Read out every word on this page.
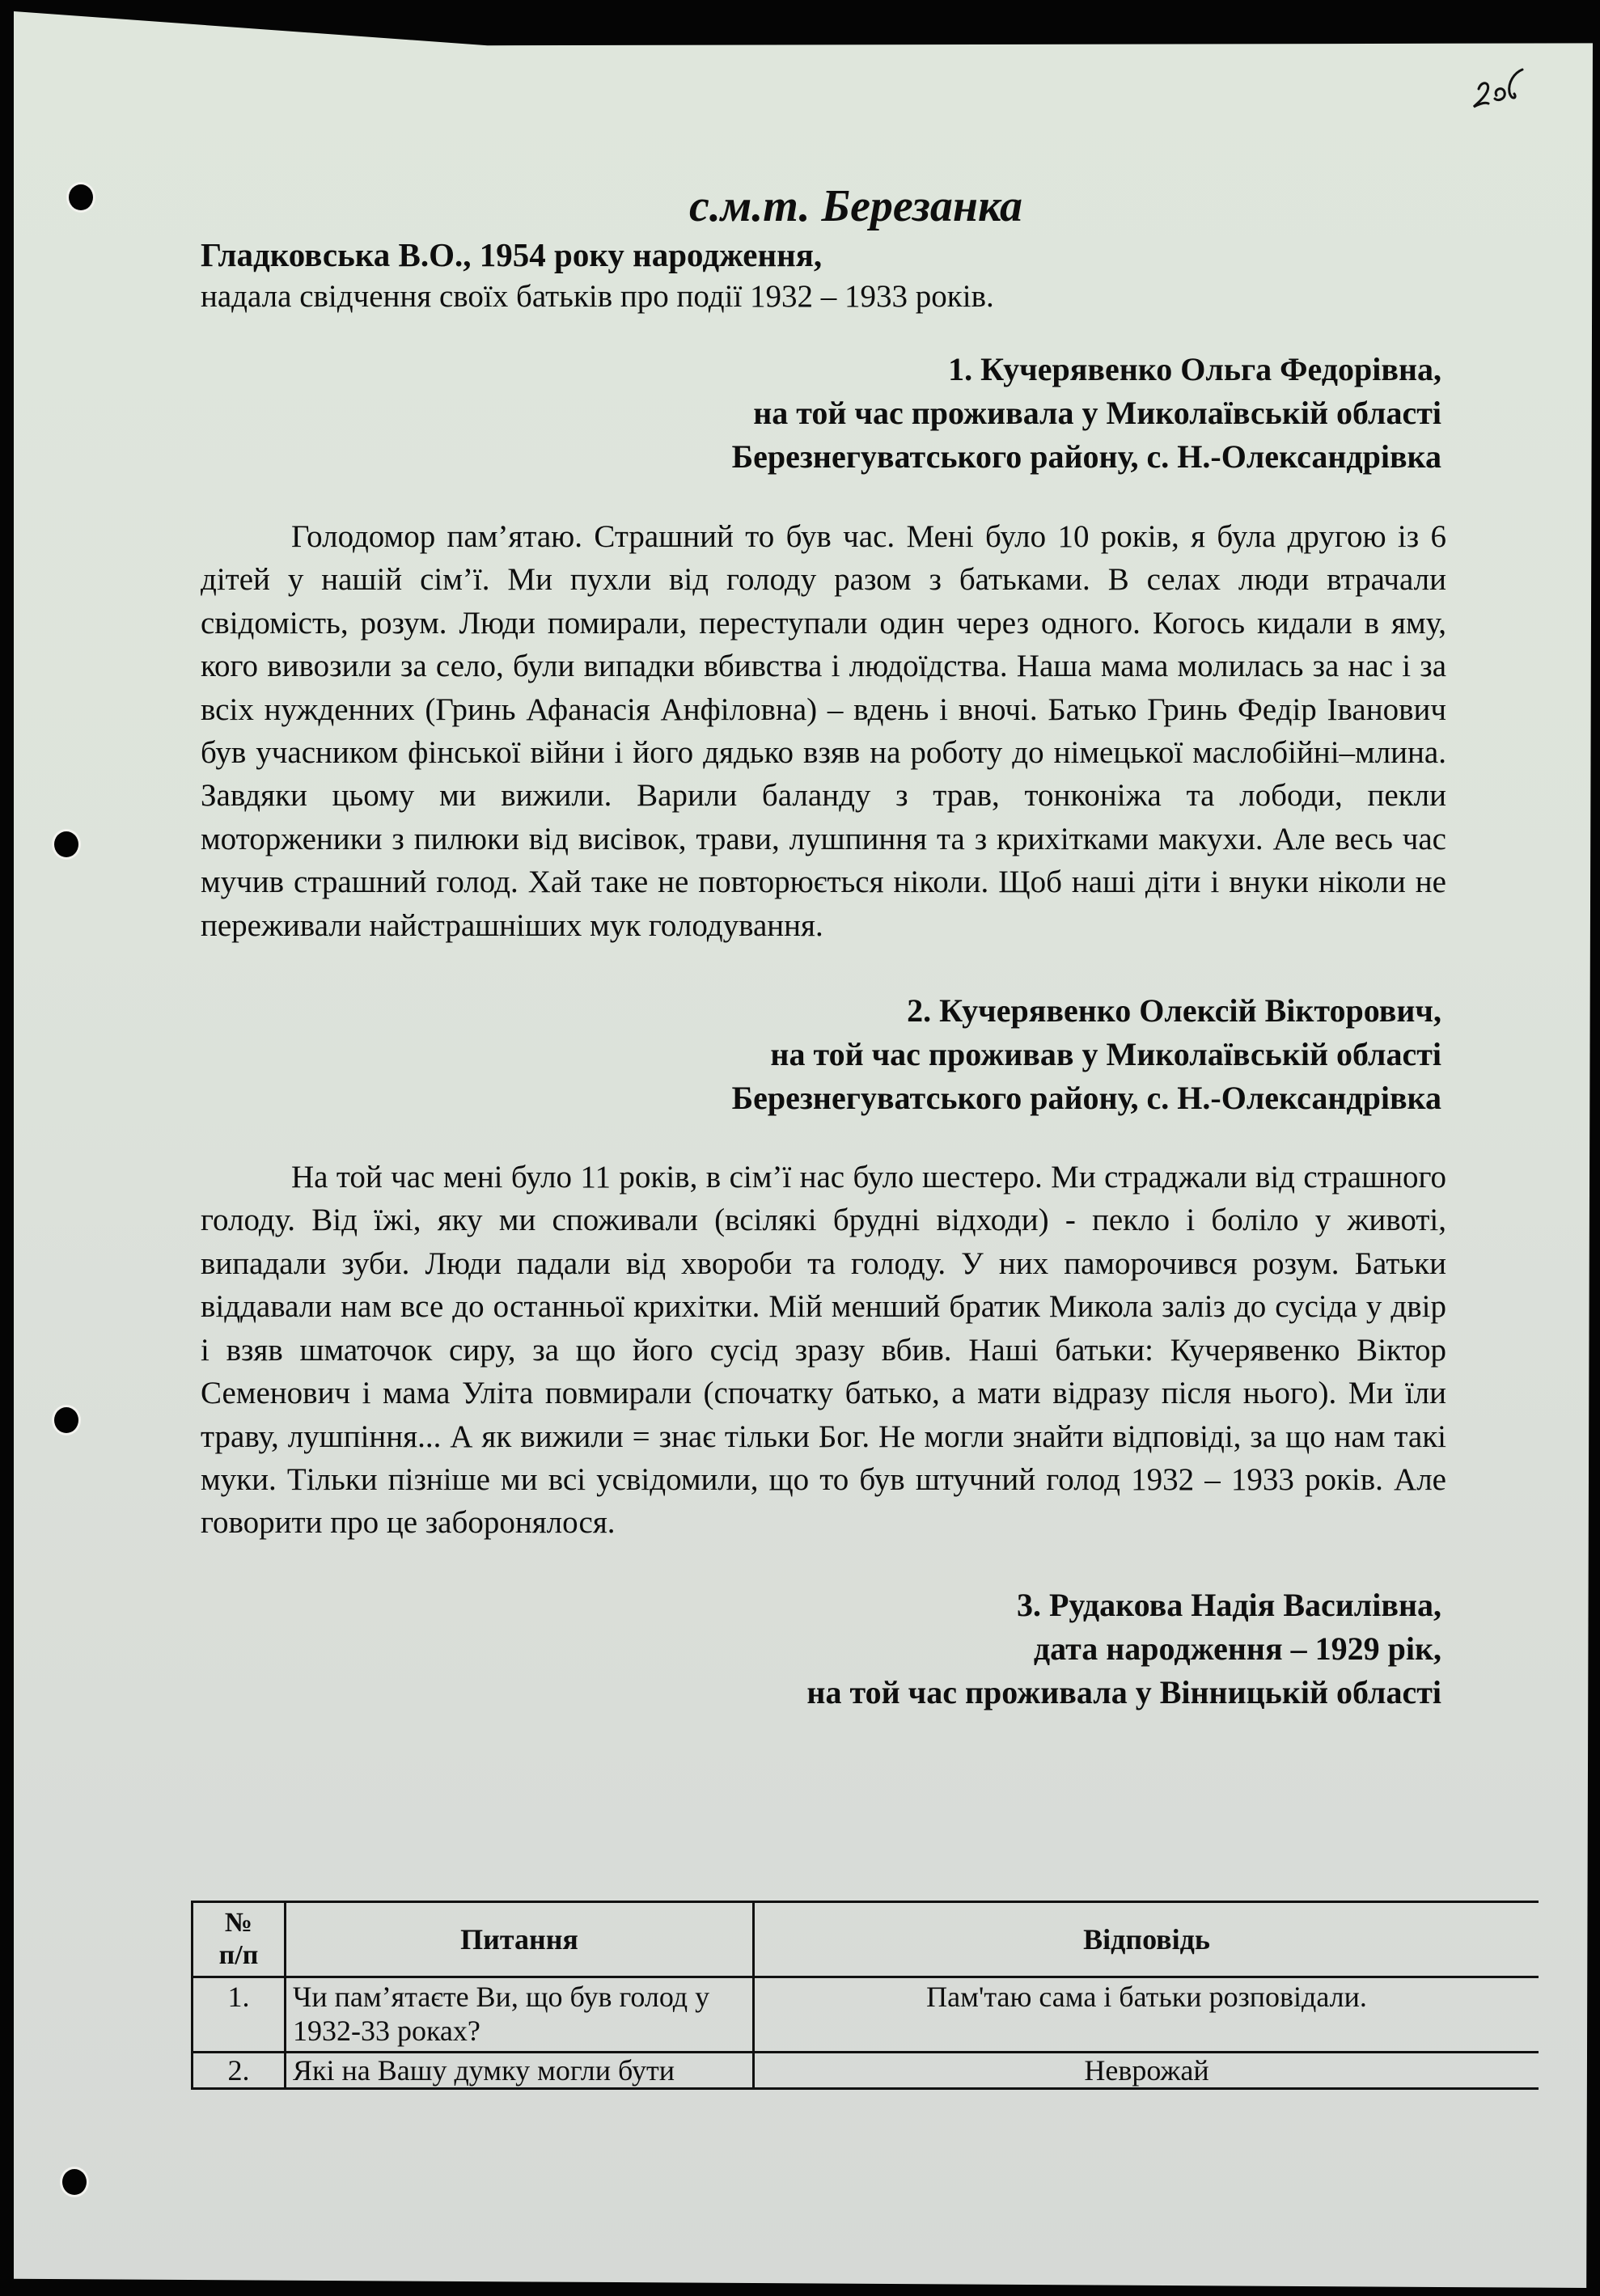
с.м.т. Березанка

Гладковська В.О., 1954 року народження,

надала свідчення своїх батьків про події 1932 – 1933 років.

1. Кучерявенко Ольга Федорівна,

на той час проживала у Миколаївській області

Березнегуватського району, с. Н.-Олександрівка

Голодомор пам’ятаю. Страшний то був час. Мені було 10 років, я була другою із 6 дітей у нашій сім’ї. Ми пухли від голоду разом з батьками. В селах люди втрачали свідомість, розум. Люди помирали, переступали один через одного. Когось кидали в яму, кого вивозили за село, були випадки вбивства і людоїдства. Наша мама молилась за нас і за всіх нужденних (Гринь Афанасія Анфіловна) – вдень і вночі. Батько Гринь Федір Іванович був учасником фінської війни і його дядько взяв на роботу до німецької маслобійні–млина. Завдяки цьому ми вижили. Варили баланду з трав, тонконіжа та лободи, пекли моторженики з пилюки від висівок, трави, лушпиння та з крихітками макухи. Але весь час мучив страшний голод. Хай таке не повторюється ніколи. Щоб наші діти і внуки ніколи не переживали найстрашніших мук голодування.

2. Кучерявенко Олексій Вікторович,

на той час проживав у Миколаївській області

Березнегуватського району, с. Н.-Олександрівка

На той час мені було 11 років, в сім’ї нас було шестеро. Ми страджали від страшного голоду. Від їжі, яку ми споживали (всілякі брудні відходи) - пекло і боліло у животі, випадали зуби. Люди падали від хвороби та голоду. У них паморочився розум. Батьки віддавали нам все до останньої крихітки. Мій менший братик Микола заліз до сусіда у двір і взяв шматочок сиру, за що його сусід зразу вбив. Наші батьки: Кучерявенко Віктор Семенович і мама Уліта повмирали (спочатку батько, а мати відразу після нього). Ми їли траву, лушпіння... А як вижили = знає тільки Бог. Не могли знайти відповіді, за що нам такі муки. Тільки пізніше ми всі усвідомили, що то був штучний голод 1932 – 1933 років. Але говорити про це заборонялося.

3. Рудакова Надія Василівна,

дата народження – 1929 рік,

на той час проживала у Вінницькій області

№
п/п	Питання	Відповідь
1.	Чи пам’ятаєте Ви, що був голод у 1932-33 роках?	Пам'таю сама і батьки розповідали.
2.	Які на Вашу думку могли бути	Неврожай
